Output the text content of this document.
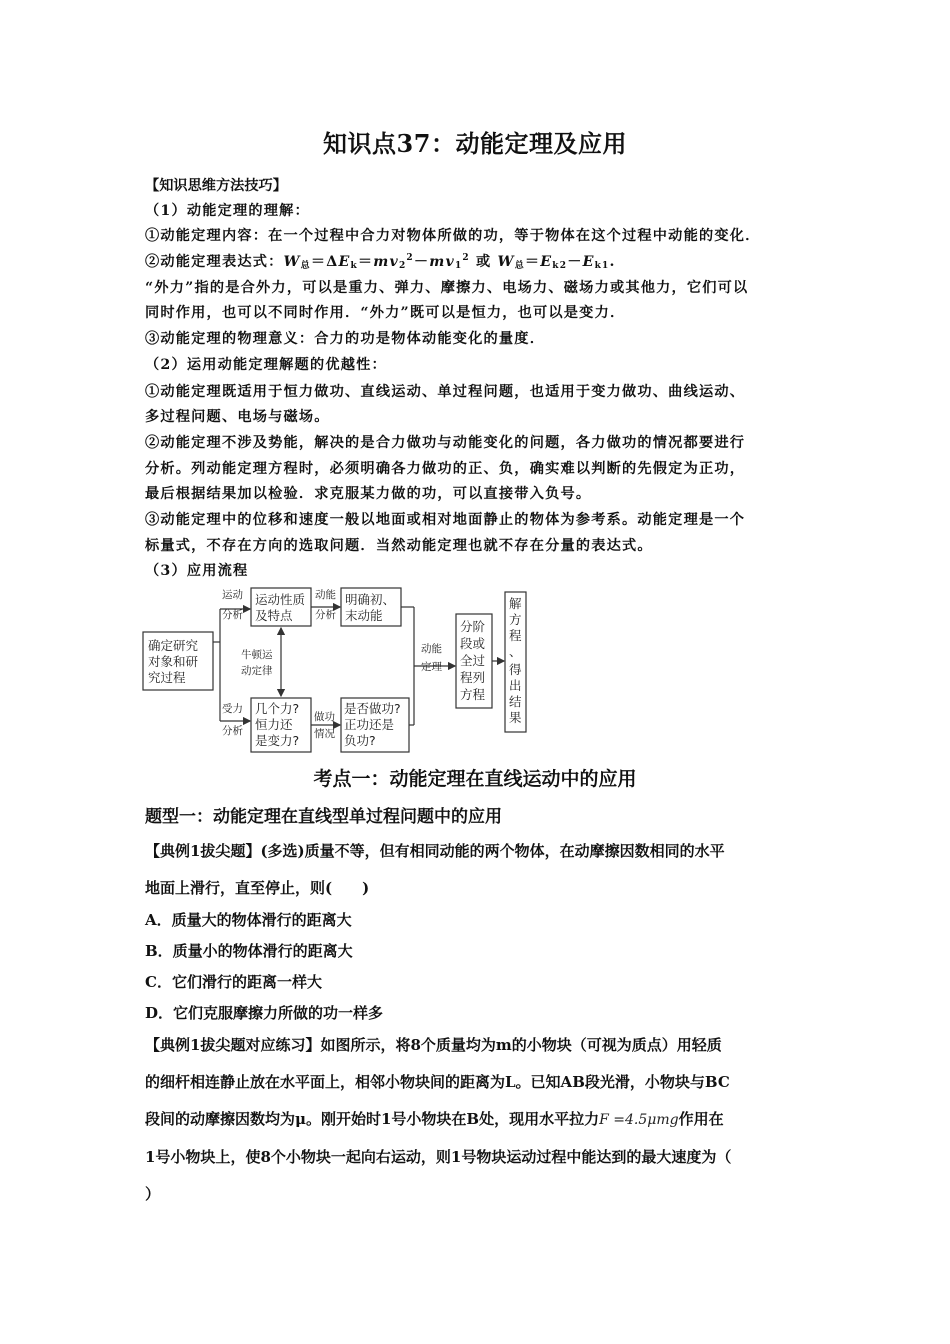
知识点37：动能定理及应用
【知识思维方法技巧】
（1）动能定理的理解：
①动能定理内容：在一个过程中合力对物体所做的功，等于物体在这个过程中动能的变化．
②动能定理表达式：$W_总=\Delta E_k=mv_2^2-mv_1^2$ 或 $W_总=E_{k2}-E_{k1}$.
“外力”指的是合外力，可以是重力、弹力、摩擦力、电场力、磁场力或其他力，它们可以
同时作用，也可以不同时作用．“外力”既可以是恒力，也可以是变力．
③动能定理的物理意义：合力的功是物体动能变化的量度．
（2）运用动能定理解题的优越性：
①动能定理既适用于恒力做功、直线运动、单过程问题，也适用于变力做功、曲线运动、
多过程问题、电场与磁场。
②动能定理不涉及势能，解决的是合力做功与动能变化的问题，各力做功的情况都要进行
分析。列动能定理方程时，必须明确各力做功的正、负，确实难以判断的先假定为正功，
最后根据结果加以检验．求克服某力做的功，可以直接带入负号。
③动能定理中的位移和速度一般以地面或相对地面静止的物体为参考系。动能定理是一个
标量式，不存在方向的选取问题．当然动能定理也就不存在分量的表达式。
（3）应用流程
确定研究
对象和研
究过程
运动
分析
受力
分析
运动性质
及特点
牛顿运
动定律
几个力?
恒力还
是变力?
动能
分析
明确初、
末动能
做功
情况
是否做功?
正功还是
负功?
动能
定理
分阶
段或
全过
程列
方程
解
方
程
、
得
出
结
果
考点一：动能定理在直线运动中的应用
题型一：动能定理在直线型单过程问题中的应用
【典例1拔尖题】(多选)质量不等，但有相同动能的两个物体，在动摩擦因数相同的水平
地面上滑行，直至停止，则(　　)
A．质量大的物体滑行的距离大
B．质量小的物体滑行的距离大
C．它们滑行的距离一样大
D．它们克服摩擦力所做的功一样多
【典例1拔尖题对应练习】如图所示，将8个质量均为m的小物块（可视为质点）用轻质
的细杆相连静止放在水平面上，相邻小物块间的距离为L。已知AB段光滑，小物块与BC
段间的动摩擦因数均为μ。刚开始时1号小物块在B处，现用水平拉力F =4.5μmg作用在
1号小物块上，使8个小物块一起向右运动，则1号物块运动过程中能达到的最大速度为（
）
